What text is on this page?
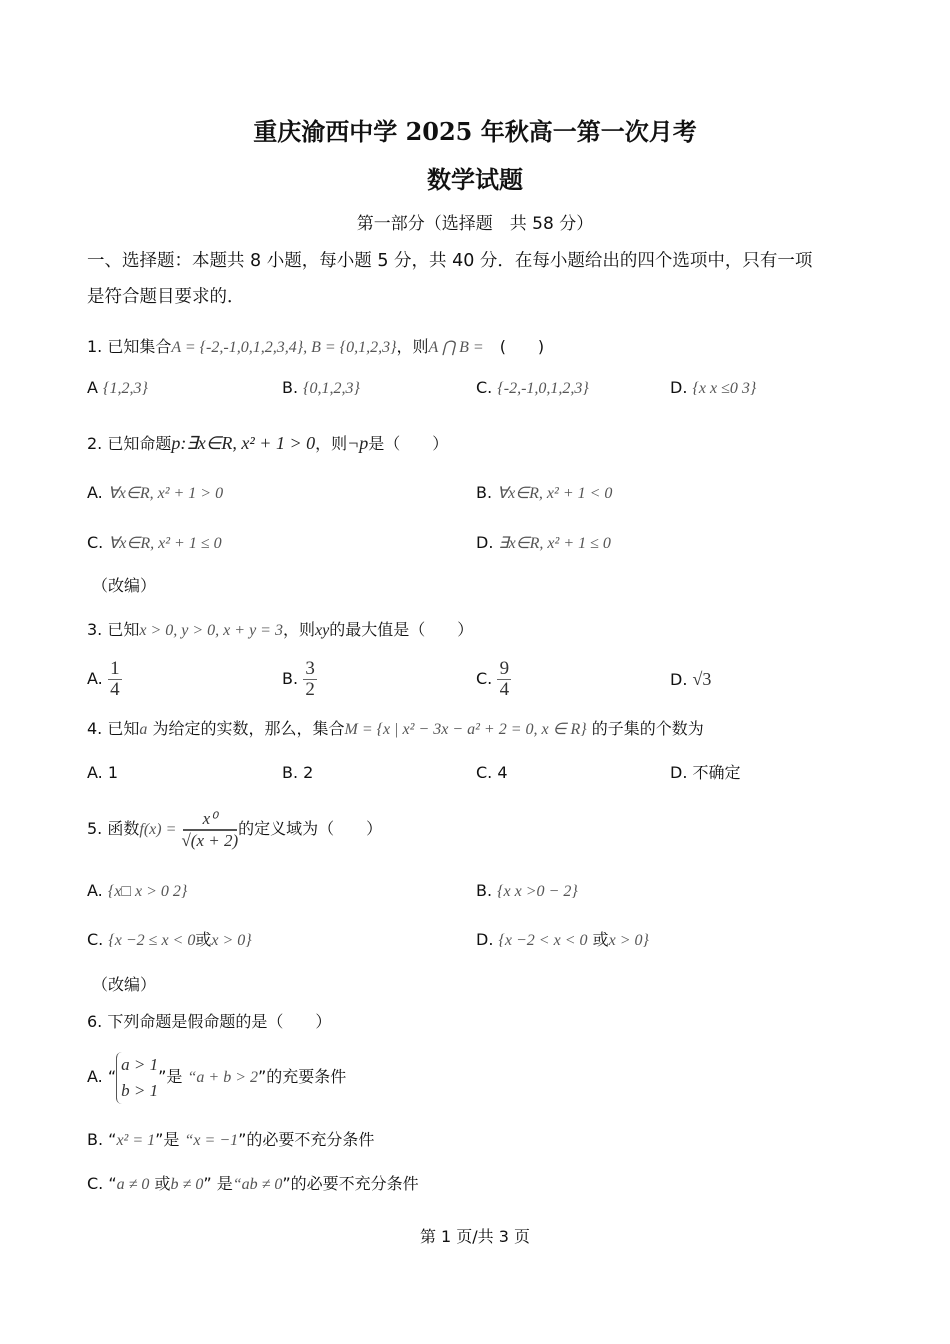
重庆渝西中学 2025 年秋高一第一次月考
数学试题
第一部分（选择题　共 58 分）
一、选择题：本题共 8 小题，每小题 5 分，共 40 分．在每小题给出的四个选项中，只有一项
是符合题目要求的．
1. 已知集合A = {-2,-1,0,1,2,3,4}, B = {0,1,2,3}，则A ⋂ B =　(　　)
A {1,2,3}	B. {0,1,2,3}	C. {-2,-1,0,1,2,3}	D. {x x ≤0 3}
2. 已知命题p:∃x∈R, x² + 1 > 0，则¬p是（　　）
A. ∀x∈R, x² + 1 > 0	B. ∀x∈R, x² + 1 < 0
C. ∀x∈R, x² + 1 ≤ 0	D. ∃x∈R, x² + 1 ≤ 0
（改编）
3. 已知x > 0, y > 0, x + y = 3，则xy的最大值是（　　）
A. $\frac{1}{4}$	B. $\frac{3}{2}$	C. $\frac{9}{4}$	D. √3
4. 已知a 为给定的实数，那么，集合M = {x | x² − 3x − a² + 2 = 0, x ∈ R} 的子集的个数为
A. 1	B. 2	C. 4	D. 不确定
5. 函数$f(x) = \frac{\text{x⁰}}{√(x + 2)}$ 的定义域为（　　）
A. {x□ x > 0 2}	B. {x x >0 − 2}
C. {x −2 ≤ x < 0或x > 0}	D. {x −2 < x < 0 或x > 0}
（改编）
6. 下列命题是假命题的是（　　）
A. “
a > 1
b > 1
”是 “a + b > 2”的充要条件
B. “x² = 1”是 “x = −1”的必要不充分条件
C. “a ≠ 0 或b ≠ 0” 是“ab ≠ 0”的必要不充分条件
第 1 页/共 3 页
